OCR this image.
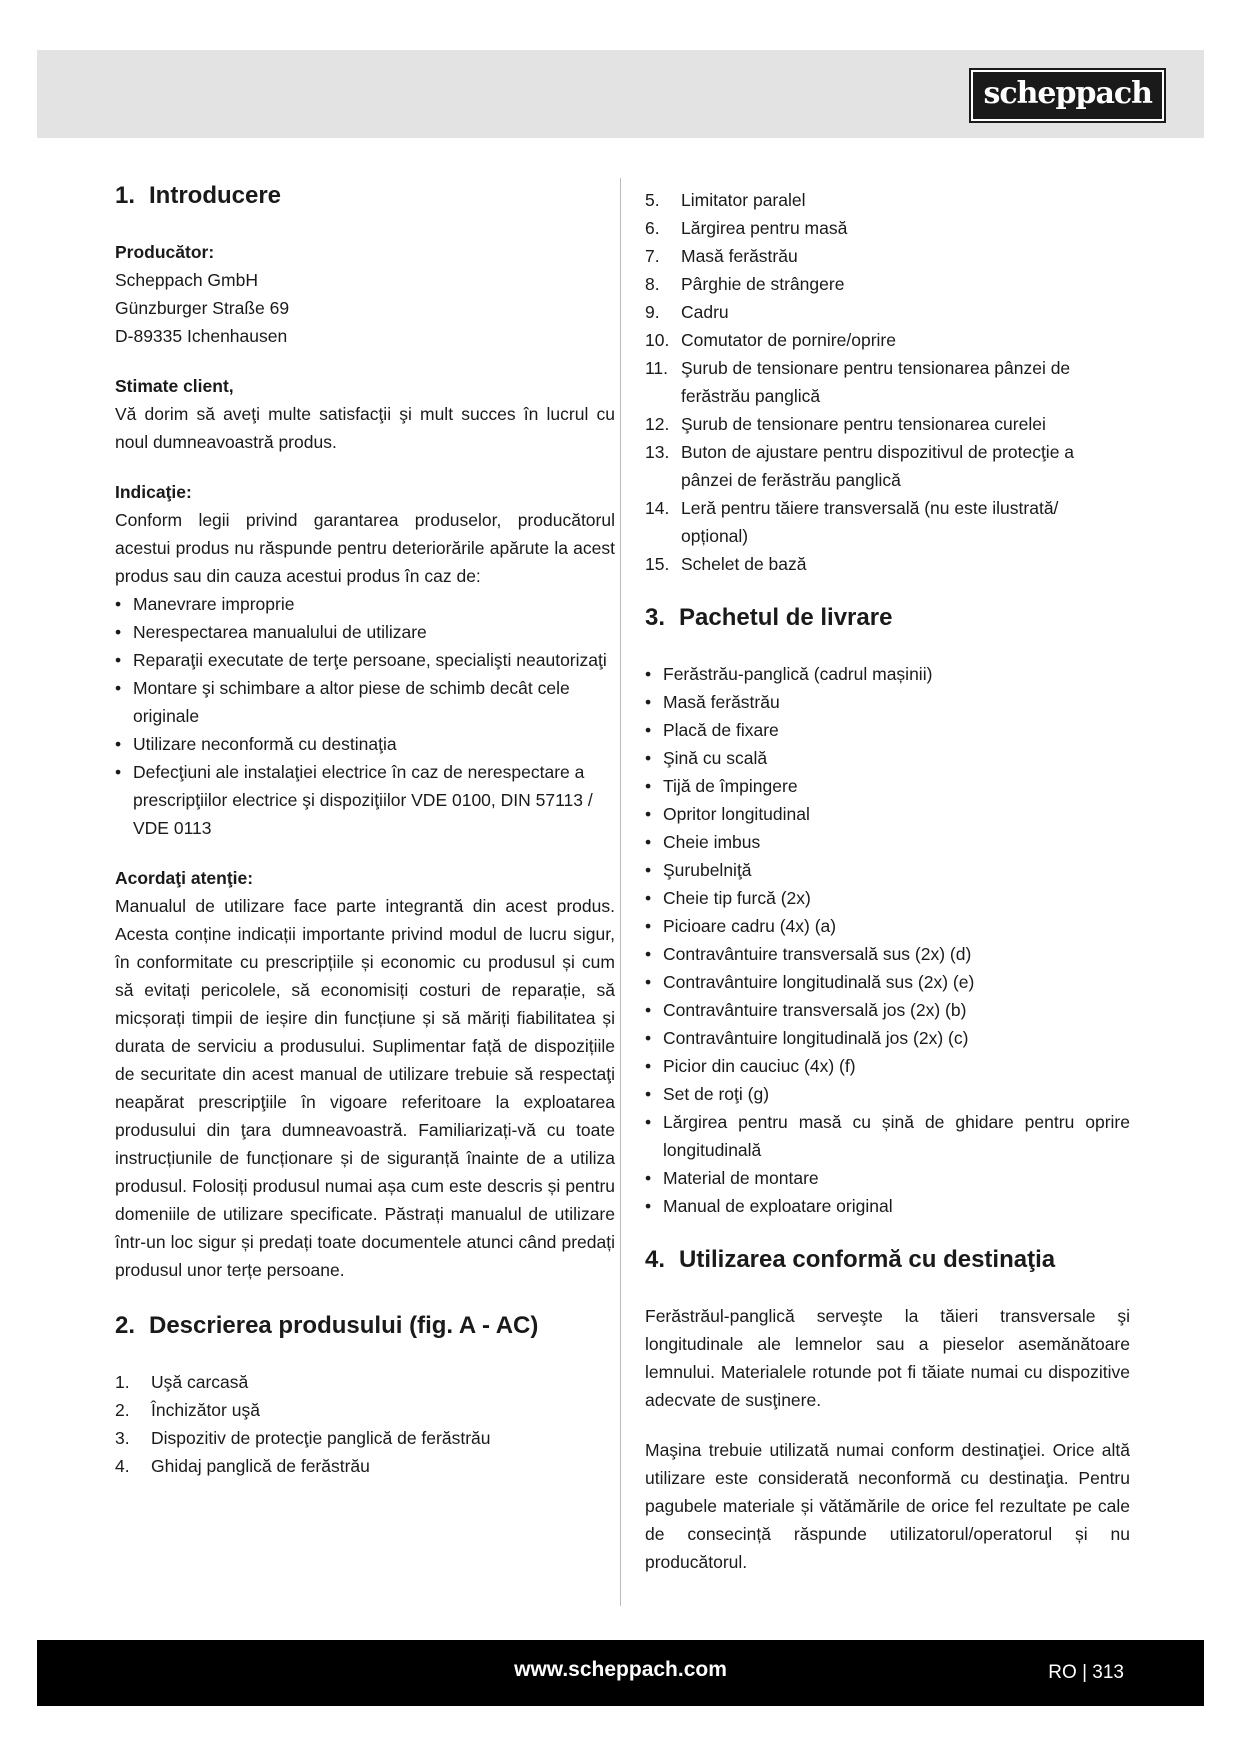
scheppach
1. Introducere
Producător:
Scheppach GmbH
Günzburger Straße 69
D-89335 Ichenhausen
Stimate client,

Vă dorim să aveţi multe satisfacţii şi mult succes în lucrul cu noul dumneavoastră produs.

Indicaţie:

Conform legii privind garantarea produselor, producătorul acestui produs nu răspunde pentru deteriorările apărute la acest produs sau din cauza acestui produs în caz de:

• Manevrare improprie
• Nerespectarea manualului de utilizare
• Reparaţii executate de terţe persoane, specialişti neautorizaţi
• Montare şi schimbare a altor piese de schimb decât cele originale
• Utilizare neconformă cu destinaţia
• Defecţiuni ale instalaţiei electrice în caz de nerespectare a prescripţiilor electrice şi dispoziţiilor VDE 0100, DIN 57113 / VDE 0113
Acordaţi atenţie:

Manualul de utilizare face parte integrantă din acest produs. Acesta conține indicații importante privind modul de lucru sigur, în conformitate cu prescripțiile și economic cu produsul și cum să evitați pericolele, să economisiți costuri de reparație, să micșorați timpii de ieșire din funcțiune și să măriți fiabilitatea și durata de serviciu a produsului. Suplimentar față de dispozițiile de securitate din acest manual de utilizare trebuie să respectaţi neapărat prescripţiile în vigoare referitoare la exploatarea produsului din ţara dumneavoastră. Familiarizați-vă cu toate instrucțiunile de funcționare și de siguranță înainte de a utiliza produsul. Folosiți produsul numai așa cum este descris și pentru domeniile de utilizare specificate. Păstrați manualul de utilizare într-un loc sigur și predați toate documentele atunci când predați produsul unor terțe persoane.

2. Descrierea produsului (fig. A - AC)
1. Uşă carcasă
2. Închizător uşă
3. Dispozitiv de protecţie panglică de ferăstrău
4. Ghidaj panglică de ferăstrău
5. Limitator paralel
6. Lărgirea pentru masă
7. Masă ferăstrău
8. Pârghie de strângere
9. Cadru
10. Comutator de pornire/oprire
11. Şurub de tensionare pentru tensionarea pânzei de ferăstrău panglică
12. Şurub de tensionare pentru tensionarea curelei
13. Buton de ajustare pentru dispozitivul de protecţie a pânzei de ferăstrău panglică
14. Leră pentru tăiere transversală (nu este ilustrată/ opțional)
15. Schelet de bază
3. Pachetul de livrare
• Ferăstrău-panglică (cadrul mașinii)
• Masă ferăstrău
• Placă de fixare
• Şină cu scală
• Tijă de împingere
• Opritor longitudinal
• Cheie imbus
• Şurubelniţă
• Cheie tip furcă (2x)
• Picioare cadru (4x) (a)
• Contravântuire transversală sus (2x) (d)
• Contravântuire longitudinală sus (2x) (e)
• Contravântuire transversală jos (2x) (b)
• Contravântuire longitudinală jos (2x) (c)
• Picior din cauciuc (4x) (f)
• Set de roţi (g)
• Lărgirea pentru masă cu șină de ghidare pentru oprire longitudinală
• Material de montare
• Manual de exploatare original
4. Utilizarea conformă cu destinaţia

Ferăstrăul-panglică serveşte la tăieri transversale şi longitudinale ale lemnelor sau a pieselor asemănătoare lemnului. Materialele rotunde pot fi tăiate numai cu dispozitive adecvate de susţinere.

Maşina trebuie utilizată numai conform destinaţiei. Orice altă utilizare este considerată neconformă cu destinaţia. Pentru pagubele materiale și vătămările de orice fel rezultate pe cale de consecință răspunde utilizatorul/operatorul și nu producătorul.

www.scheppach.com	RO | 313
